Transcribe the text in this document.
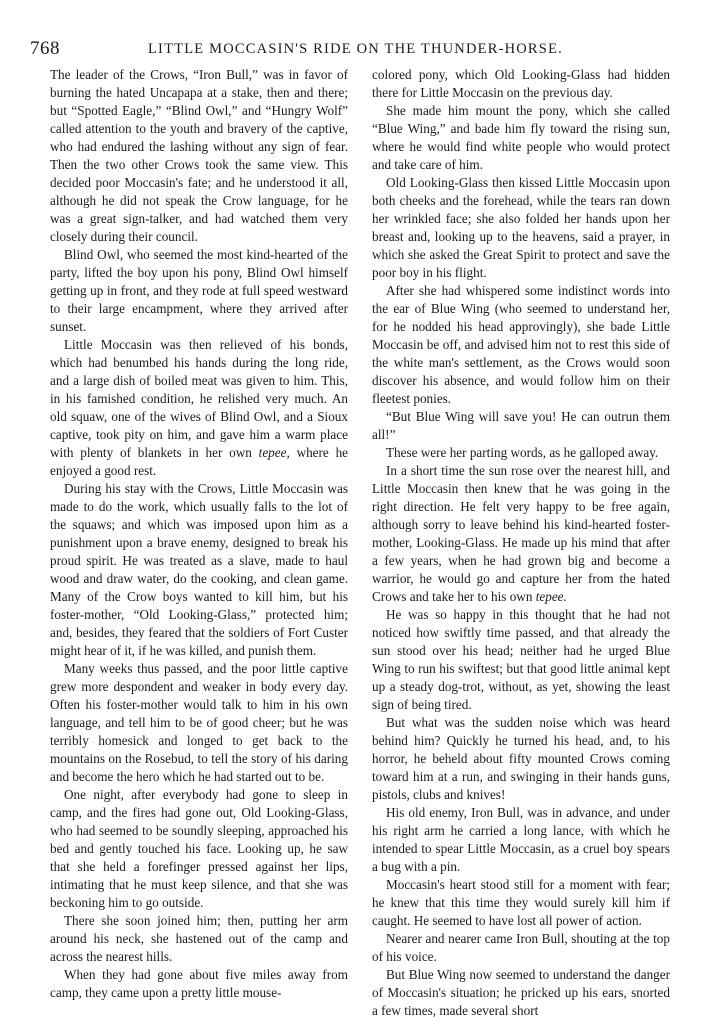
768	LITTLE MOCCASIN'S RIDE ON THE THUNDER-HORSE.

The leader of the Crows, “Iron Bull,” was in favor of burning the hated Uncapapa at a stake, then and there; but “Spotted Eagle,” “Blind Owl,” and “Hungry Wolf” called attention to the youth and bravery of the captive, who had endured the lashing without any sign of fear. Then the two other Crows took the same view. This decided poor Moccasin's fate; and he understood it all, although he did not speak the Crow language, for he was a great sign-talker, and had watched them very closely during their council.

Blind Owl, who seemed the most kind-hearted of the party, lifted the boy upon his pony, Blind Owl himself getting up in front, and they rode at full speed westward to their large encampment, where they arrived after sunset.

Little Moccasin was then relieved of his bonds, which had benumbed his hands during the long ride, and a large dish of boiled meat was given to him. This, in his famished condition, he relished very much. An old squaw, one of the wives of Blind Owl, and a Sioux captive, took pity on him, and gave him a warm place with plenty of blankets in her own tepee, where he enjoyed a good rest.

During his stay with the Crows, Little Moccasin was made to do the work, which usually falls to the lot of the squaws; and which was imposed upon him as a punishment upon a brave enemy, designed to break his proud spirit. He was treated as a slave, made to haul wood and draw water, do the cooking, and clean game. Many of the Crow boys wanted to kill him, but his foster-mother, “Old Looking-Glass,” protected him; and, besides, they feared that the soldiers of Fort Custer might hear of it, if he was killed, and punish them.

Many weeks thus passed, and the poor little captive grew more despondent and weaker in body every day. Often his foster-mother would talk to him in his own language, and tell him to be of good cheer; but he was terribly homesick and longed to get back to the mountains on the Rosebud, to tell the story of his daring and become the hero which he had started out to be.

One night, after everybody had gone to sleep in camp, and the fires had gone out, Old Looking-Glass, who had seemed to be soundly sleeping, approached his bed and gently touched his face. Looking up, he saw that she held a forefinger pressed against her lips, intimating that he must keep silence, and that she was beckoning him to go outside.

There she soon joined him; then, putting her arm around his neck, she hastened out of the camp and across the nearest hills.

When they had gone about five miles away from camp, they came upon a pretty little mouse-

colored pony, which Old Looking-Glass had hidden there for Little Moccasin on the previous day.

She made him mount the pony, which she called “Blue Wing,” and bade him fly toward the rising sun, where he would find white people who would protect and take care of him.

Old Looking-Glass then kissed Little Moccasin upon both cheeks and the forehead, while the tears ran down her wrinkled face; she also folded her hands upon her breast and, looking up to the heavens, said a prayer, in which she asked the Great Spirit to protect and save the poor boy in his flight.

After she had whispered some indistinct words into the ear of Blue Wing (who seemed to understand her, for he nodded his head approvingly), she bade Little Moccasin be off, and advised him not to rest this side of the white man's settlement, as the Crows would soon discover his absence, and would follow him on their fleetest ponies.

“But Blue Wing will save you! He can outrun them all!”

These were her parting words, as he galloped away.

In a short time the sun rose over the nearest hill, and Little Moccasin then knew that he was going in the right direction. He felt very happy to be free again, although sorry to leave behind his kind-hearted foster-mother, Looking-Glass. He made up his mind that after a few years, when he had grown big and become a warrior, he would go and capture her from the hated Crows and take her to his own tepee.

He was so happy in this thought that he had not noticed how swiftly time passed, and that already the sun stood over his head; neither had he urged Blue Wing to run his swiftest; but that good little animal kept up a steady dog-trot, without, as yet, showing the least sign of being tired.

But what was the sudden noise which was heard behind him? Quickly he turned his head, and, to his horror, he beheld about fifty mounted Crows coming toward him at a run, and swinging in their hands guns, pistols, clubs and knives!

His old enemy, Iron Bull, was in advance, and under his right arm he carried a long lance, with which he intended to spear Little Moccasin, as a cruel boy spears a bug with a pin.

Moccasin's heart stood still for a moment with fear; he knew that this time they would surely kill him if caught. He seemed to have lost all power of action.

Nearer and nearer came Iron Bull, shouting at the top of his voice.

But Blue Wing now seemed to understand the danger of Moccasin's situation; he pricked up his ears, snorted a few times, made several short
